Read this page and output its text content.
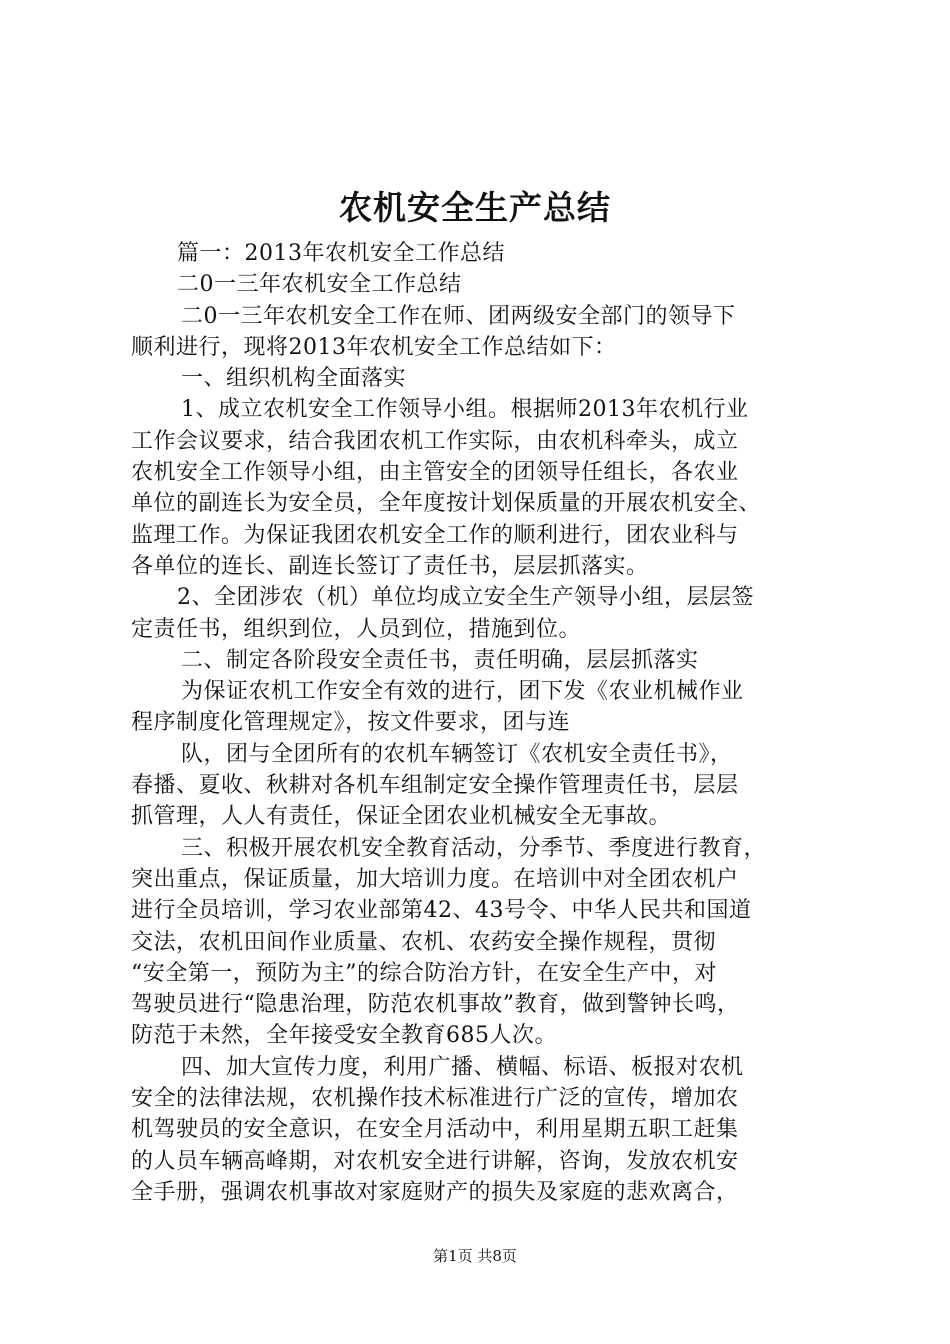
农机安全生产总结
篇一：2013年农机安全工作总结
二0一三年农机安全工作总结
二0一三年农机安全工作在师、团两级安全部门的领导下
顺利进行，现将2013年农机安全工作总结如下：
一、组织机构全面落实
1、成立农机安全工作领导小组。根据师2013年农机行业
工作会议要求，结合我团农机工作实际，由农机科牵头，成立
农机安全工作领导小组，由主管安全的团领导任组长，各农业
单位的副连长为安全员，全年度按计划保质量的开展农机安全、
监理工作。为保证我团农机安全工作的顺利进行，团农业科与
各单位的连长、副连长签订了责任书，层层抓落实。
2、全团涉农（机）单位均成立安全生产领导小组，层层签
定责任书，组织到位，人员到位，措施到位。
二、制定各阶段安全责任书，责任明确，层层抓落实
为保证农机工作安全有效的进行，团下发《农业机械作业
程序制度化管理规定》，按文件要求，团与连
队，团与全团所有的农机车辆签订《农机安全责任书》，
春播、夏收、秋耕对各机车组制定安全操作管理责任书，层层
抓管理，人人有责任，保证全团农业机械安全无事故。
三、积极开展农机安全教育活动，分季节、季度进行教育，
突出重点，保证质量，加大培训力度。在培训中对全团农机户
进行全员培训，学习农业部第42、43号令、中华人民共和国道
交法，农机田间作业质量、农机、农药安全操作规程，贯彻
“安全第一，预防为主”的综合防治方针，在安全生产中，对
驾驶员进行“隐患治理，防范农机事故”教育，做到警钟长鸣，
防范于未然，全年接受安全教育685人次。
四、加大宣传力度，利用广播、横幅、标语、板报对农机
安全的法律法规，农机操作技术标准进行广泛的宣传，增加农
机驾驶员的安全意识，在安全月活动中，利用星期五职工赶集
的人员车辆高峰期，对农机安全进行讲解，咨询，发放农机安
全手册，强调农机事故对家庭财产的损失及家庭的悲欢离合，
第1页 共8页
